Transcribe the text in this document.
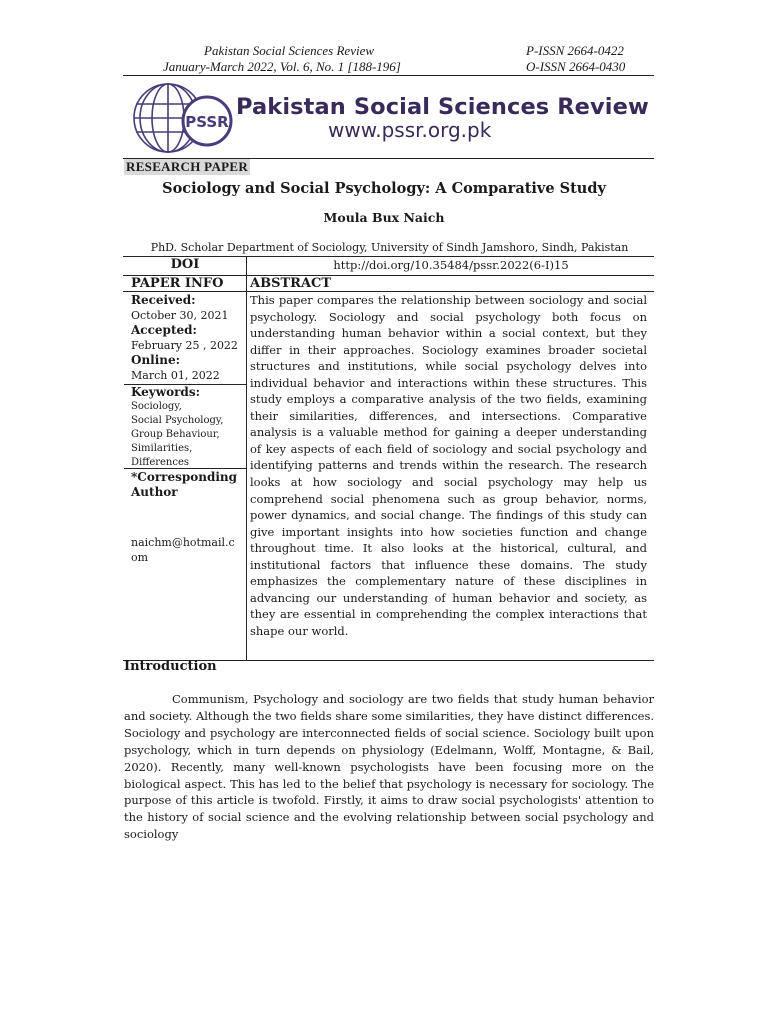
Pakistan Social Sciences Review
January-March 2022, Vol. 6, No. 1 [188-196]
P-ISSN 2664-0422
O-ISSN 2664-0430
PSSR
Pakistan Social Sciences Review
www.pssr.org.pk
RESEARCH PAPER
Sociology and Social Psychology: A Comparative Study
Moula Bux Naich
PhD. Scholar Department of Sociology, University of Sindh Jamshoro, Sindh, Pakistan
DOI	http://doi.org/10.35484/pssr.2022(6-I)15
PAPER INFO ABSTRACT
Received:
October 30, 2021
Accepted:
February 25 , 2022
Online:
March 01, 2022
Keywords:
Sociology,
Social Psychology,
Group Behaviour,
Similarities,
Differences
*Corresponding
Author
naichm@hotmail.c
om
This paper compares the relationship between sociology and social psychology. Sociology and social psychology both focus on understanding human behavior within a social context, but they differ in their approaches. Sociology examines broader societal structures and institutions, while social psychology delves into individual behavior and interactions within these structures. This study employs a comparative analysis of the two fields, examining their similarities, differences, and intersections. Comparative analysis is a valuable method for gaining a deeper understanding of key aspects of each field of sociology and social psychology and identifying patterns and trends within the research. The research looks at how sociology and social psychology may help us comprehend social phenomena such as group behavior, norms, power dynamics, and social change. The findings of this study can give important insights into how societies function and change throughout time. It also looks at the historical, cultural, and institutional factors that influence these domains. The study emphasizes the complementary nature of these disciplines in advancing our understanding of human behavior and society, as they are essential in comprehending the complex interactions that shape our world.
Introduction
Communism, Psychology and sociology are two fields that study human behavior and society. Although the two fields share some similarities, they have distinct differences. Sociology and psychology are interconnected fields of social science. Sociology built upon psychology, which in turn depends on physiology (Edelmann, Wolff, Montagne, & Bail, 2020). Recently, many well-known psychologists have been focusing more on the biological aspect. This has led to the belief that psychology is necessary for sociology. The purpose of this article is twofold. Firstly, it aims to draw social psychologists' attention to the history of social science and the evolving relationship between social psychology and sociology
